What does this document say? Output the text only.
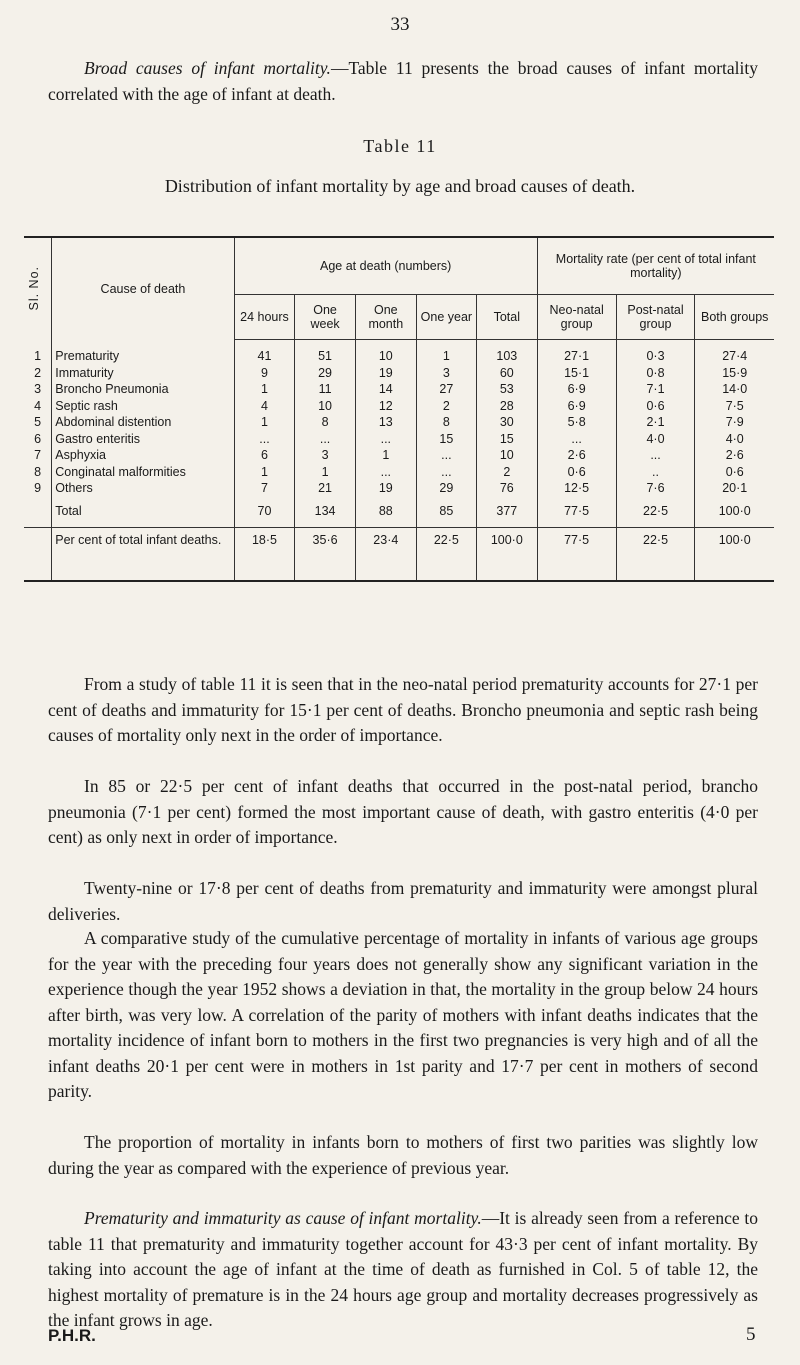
33

Broad causes of infant mortality.—Table 11 presents the broad causes of infant mortality correlated with the age of infant at death.

Table 11
Distribution of infant mortality by age and broad causes of death.
Sl. No.	Cause of death	Age at death (numbers)					Mortality rate (per cent of total infant mortality)		
		24 hours	One week	One month	One year	Total	Neo-natal group	Post-natal group	Both groups
1	Prematurity	41	51	10	1	103	27·1	0·3	27·4
2	Immaturity	9	29	19	3	60	15·1	0·8	15·9
3	Broncho Pneumonia	1	11	14	27	53	6·9	7·1	14·0
4	Septic rash	4	10	12	2	28	6·9	0·6	7·5
5	Abdominal distention	1	8	13	8	30	5·8	2·1	7·9
6	Gastro enteritis	...	...	...	15	15	...	4·0	4·0
7	Asphyxia	6	3	1	...	10	2·6	...	2·6
8	Conginatal malformities	1	1	...	...	2	0·6	..	0·6
9	Others	7	21	19	29	76	12·5	7·6	20·1
	Total	70	134	88	85	377	77·5	22·5	100·0
	Per cent of total infant deaths.	18·5	35·6	23·4	22·5	100·0	77·5	22·5	100·0

From a study of table 11 it is seen that in the neo-natal period prematurity accounts for 27·1 per cent of deaths and immaturity for 15·1 per cent of deaths. Broncho pneumonia and septic rash being causes of mortality only next in the order of importance.

In 85 or 22·5 per cent of infant deaths that occurred in the post-natal period, brancho pneumonia (7·1 per cent) formed the most important cause of death, with gastro enteritis (4·0 per cent) as only next in order of importance.

Twenty-nine or 17·8 per cent of deaths from prematurity and immaturity were amongst plural deliveries.

A comparative study of the cumulative percentage of mortality in infants of various age groups for the year with the preceding four years does not generally show any significant variation in the experience though the year 1952 shows a deviation in that, the mortality in the group below 24 hours after birth, was very low. A correlation of the parity of mothers with infant deaths indicates that the mortality incidence of infant born to mothers in the first two pregnancies is very high and of all the infant deaths 20·1 per cent were in mothers in 1st parity and 17·7 per cent in mothers of second parity.

The proportion of mortality in infants born to mothers of first two parities was slightly low during the year as compared with the experience of previous year.

Prematurity and immaturity as cause of infant mortality.—It is already seen from a reference to table 11 that prematurity and immaturity together account for 43·3 per cent of infant mortality. By taking into account the age of infant at the time of death as furnished in Col. 5 of table 12, the highest mortality of premature is in the 24 hours age group and mortality decreases progressively as the infant grows in age.

P.H.R.	5
